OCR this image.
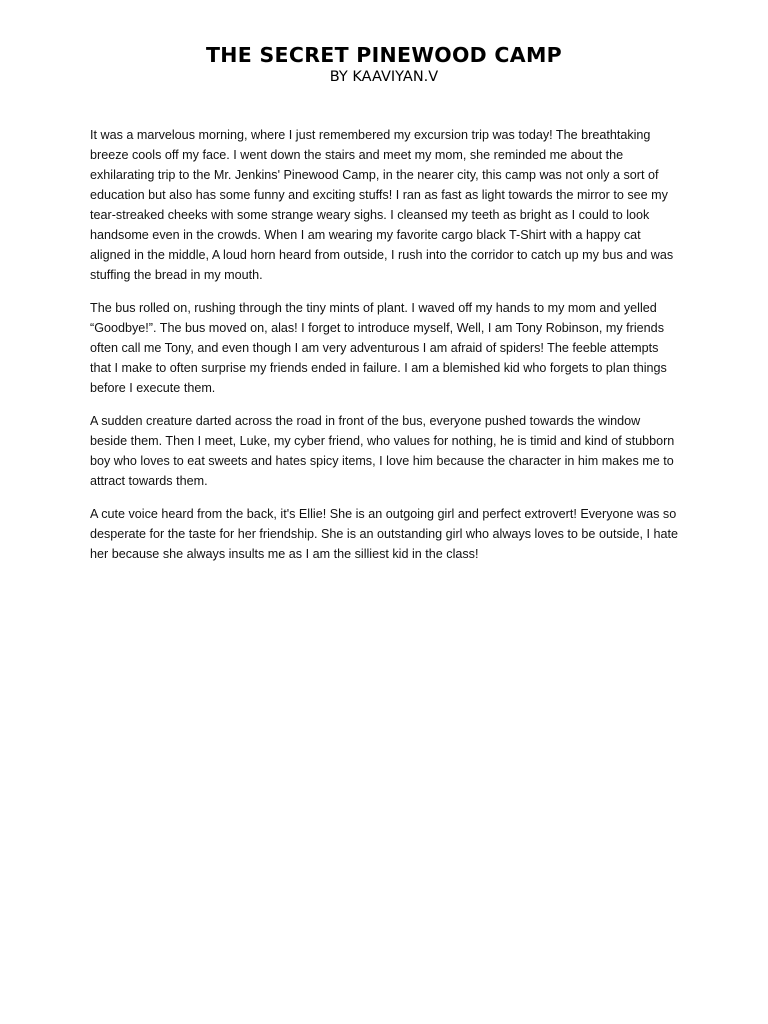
THE SECRET PINEWOOD CAMP
BY KAAVIYAN.V

It was a marvelous morning, where I just remembered my excursion trip was today! The breathtaking breeze cools off my face. I went down the stairs and meet my mom, she reminded me about the exhilarating trip to the Mr. Jenkins' Pinewood Camp, in the nearer city, this camp was not only a sort of education but also has some funny and exciting stuffs! I ran as fast as light towards the mirror to see my tear-streaked cheeks with some strange weary sighs. I cleansed my teeth as bright as I could to look handsome even in the crowds. When I am wearing my favorite cargo black T-Shirt with a happy cat aligned in the middle, A loud horn heard from outside, I rush into the corridor to catch up my bus and was stuffing the bread in my mouth.

The bus rolled on, rushing through the tiny mints of plant. I waved off my hands to my mom and yelled “Goodbye!”. The bus moved on, alas! I forget to introduce myself, Well, I am Tony Robinson, my friends often call me Tony, and even though I am very adventurous I am afraid of spiders! The feeble attempts that I make to often surprise my friends ended in failure. I am a blemished kid who forgets to plan things before I execute them.

A sudden creature darted across the road in front of the bus, everyone pushed towards the window beside them. Then I meet, Luke, my cyber friend, who values for nothing, he is timid and kind of stubborn boy who loves to eat sweets and hates spicy items, I love him because the character in him makes me to attract towards them.

A cute voice heard from the back, it's Ellie! She is an outgoing girl and perfect extrovert! Everyone was so desperate for the taste for her friendship. She is an outstanding girl who always loves to be outside, I hate her because she always insults me as I am the silliest kid in the class!
